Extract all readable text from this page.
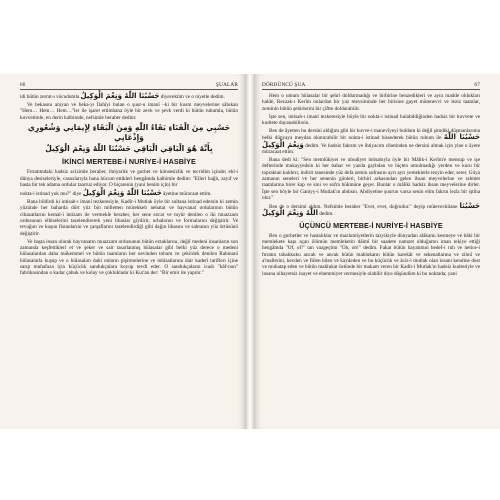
66	ŞUALAR

idi bütün zerrat-ı vücudumla حَسْبُنَا اللّٰهُ وَنِعْمَ الْوَكِيلُ diyecektim ve o niyetle dedim.

Ve bekasını arayan ve beka-yı İlahîyi bulan o şuur-u imanî –ki bir kısım meyvelerine sâbıkan "Hem… Hem… Hem…"ler ile işaret ettimbana öyle bir zevk ve şevk verdi ki bütün ruhumla, bütün kuvvetimle, en derin kalbimde, nefsimle beraber dedim:

حَسْبِي مِنَ الْفَنَاءِ بَقَاءُ اللّٰهِ وَمِنَ الْبَقَاءِ لِإِيمَانِي وَشُعُورِي وَإِذْعَانِي
بِأَنَّهُ هُوَ الْبَاقِي الْبَاقِي حَسْبُنَا اللّٰهُ وَنِعْمَ الْوَكِيلُ
İKİNCİ MERTEBE-İ NURİYE-İ HASBİYE

Fıtratımdaki hadsiz acizimle beraber, ihtiyarlık ve gurbet ve kimsesizlik ve tecridim içinde; ehl-i dünya desiseleriyle, casuslarıyla bana hücum ettikleri hengâmda kalbimle dedim: "Elleri bağlı, zayıf ve hasta bir tek adama ordular taarruz ediyor. O biçarenin (yani benim için) bir

nokta-i istinad yok mu?" diye حَسْبُنَا اللّٰهُ وَنِعْمَ الْوَكِيلُ âyetine müracaat ettim.

Bana bildirdi ki intisab-ı imanî tezkeresiyle, Kadîr-i Mutlak öyle bir sultana istinad edersin ki zemin yüzünde her baharda dört yüz bin milletten mürekkeb nebatat ve hayvanat ordularının bütün cihazatlarını kemal-i intizam ile vermekle beraber, her sene ezcar ve tuyûr denilen o iki muazzam ordusunun elbiselerini tazelendirerek yeni libaslar giydirir, urbalarını ve formalarını değiştirir. Ve tevuğun ve kuşun fistanlarını ve çarşaflarını tazelendirdiği gibi dağın libasını ve sahranın yüz örtüsünü değiştirir.

Ve başta insan olarak hayvanatın muazzam ordusunun bütün erzaklarını, değil medeni insanların son zamanda keşfettikleri et ve şeker ve sair tasarlanmış hülasalar gibi belki yüz derece o medeni hülasalardan daha mükemmel ve bütün taamların her nevinden tohum ve çekirdek denilen Rahmanî hülasalarla kuşup ve o hülasaları dahi onların pişirmelerine ve inbisatlarına dair kaderî tarifleri içine sarıp muhafaza için küçücük sandukçalara koyup tevdi eder. O sandukçaların icadı "kâf-nun" fabrikasından o kadar çabuk ve kolay ve çoklukladır ki Kur'an der: "Bir emir ile yapılır."

DÖRDÜNCÜ ŞUA	67

Hem o umum hülasalar bir şehri doldurmadığı ve birbirine benzedikleri ve aynı madde oldukları halde, Rezzak-ı Kerîm onlardan bir yaz mevsiminde her birisine gayet mütenevvi ve leziz taamlar, zeminin bütün şehirlerini bir çiftte doldurabilir.

İşte sen, intisab-ı imanî tezkeresiyle böyle bir nokta-i istinad bulabildiğinden hadsiz bir kuvvete ve kudrete dayanabilirsin.

Ben de âyetten bu dersini aldığım gibi bir kuvve-i manevîyeyi buldum ki değil şimdiki düşmanlarıma belki dünyaya meydan okuturabilir bir nokta-i istinad hissederek bütün ruhum ile حَسْبُنَا اللّٰهُ وَنِعْمَ الْوَكِيلُ dedim. Ve hadsiz fakrım ve ihtiyacım cihetinden ne dersini almak için yine o âyete müracaat ettim.

Bana dedi ki: "Sen memlûkiyet ve ubudiyet intisabıyla öyle bir Mâlik-i Kerîm'e mensup ve işe defterinde mukayyedsin ki her bahar ve yazda gaybdan ve hiçten umulmadığı yerden ve kuru bir topraktan kaldırır, indirir tanesinde yüz defa zemin sofrasını ayrı ayrı yemeklerle tezyin eder, serer. Güya zamanın seneleri ve her senenin günleri, birbiri arkasından gelen ihsan meyvelerine ve rahmet taamlarına birer kap ve sini ve sofra hükmüne geçer. Bunlar o mâliki hadsiz ihsan meyvelerine dirler. İşte sen böyle bir Ganiyy-i Mutlak'ın abdısın. Abdiyetine şuurun varsa senin elim fakrın lezîz bir iştiha olur."

Ben de o dersimi aldım. Nefsimle beraber "Evet, evet, doğrudur." deyip müteveckilane حَسْبُنَا اللّٰهُ وَنِعْمَ الْوَكِيلُ dedim.

ÜÇÜNCÜ MERTEBE-İ NURİYE-İ HASBİYE

Ben o gurbetler ve hastalıklar ve mazlumiyetlerin tazyikiyle dünyadan alâkamı kesmeye ve bâki bir memlekete kapı açan ölümün memleketin dâimî bir saadete namzet olduğumu iman tekiye ettiği hengâmda "Of, of!" tan vazgeçtim "Oh, oh!" dedim. Fakat bütün hayatımın hedef-i ruh ve netice-i fıtratın tahakkuku ancak ve ancak bütün mahlukatın bütün harekât ve sekenatlarına ve zihnî ve a'mallerini, kevden ve fiilen bilen ve kaydeden ve bu küçücük ve âciz-i mutlak olan insanı kendine dost ve muhatap eden ve bütün mahlukat üstünde bir makam veren bir Kadîr-i Mutlak'ın hadsiz kudretiyle ve insana nihayetsiz inayet ve ehemmiyet vermesiyle olabilir diye düşündüm ki bu noktada; yani
